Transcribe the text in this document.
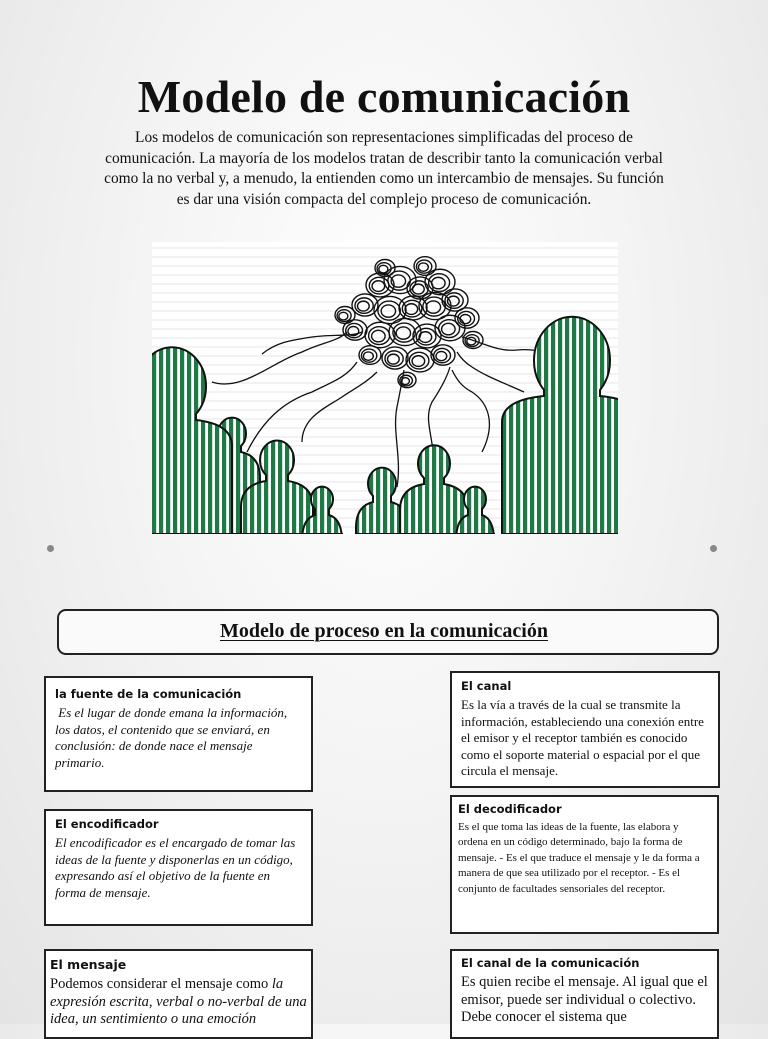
Modelo de comunicación
Los modelos de comunicación son representaciones simplificadas del proceso de comunicación. La mayoría de los modelos tratan de describir tanto la comunicación verbal como la no verbal y, a menudo, la entienden como un intercambio de mensajes. Su función es dar una visión compacta del complejo proceso de comunicación.
Modelo de proceso en la comunicación
la fuente de la comunicación
Es el lugar de donde emana la información, los datos, el contenido que se enviará, en conclusión: de donde nace el mensaje primario.
El canal
Es la vía a través de la cual se transmite la información, estableciendo una conexión entre el emisor y el receptor también es conocido como el soporte material o espacial por el que circula el mensaje.
El encodificador
El encodificador es el encargado de tomar las ideas de la fuente y disponerlas en un código, expresando así el objetivo de la fuente en forma de mensaje.
El decodificador
Es el que toma las ideas de la fuente, las elabora y ordena en un código determinado, bajo la forma de mensaje. - Es el que traduce el mensaje y le da forma a manera de que sea utilizado por el receptor. - Es el conjunto de facultades sensoriales del receptor.
El mensaje
Podemos considerar el mensaje como la expresión escrita, verbal o no-verbal de una idea, un sentimiento o una emoción
El canal de la comunicación
Es quien recibe el mensaje. Al igual que el emisor, puede ser individual o colectivo. Debe conocer el sistema que
